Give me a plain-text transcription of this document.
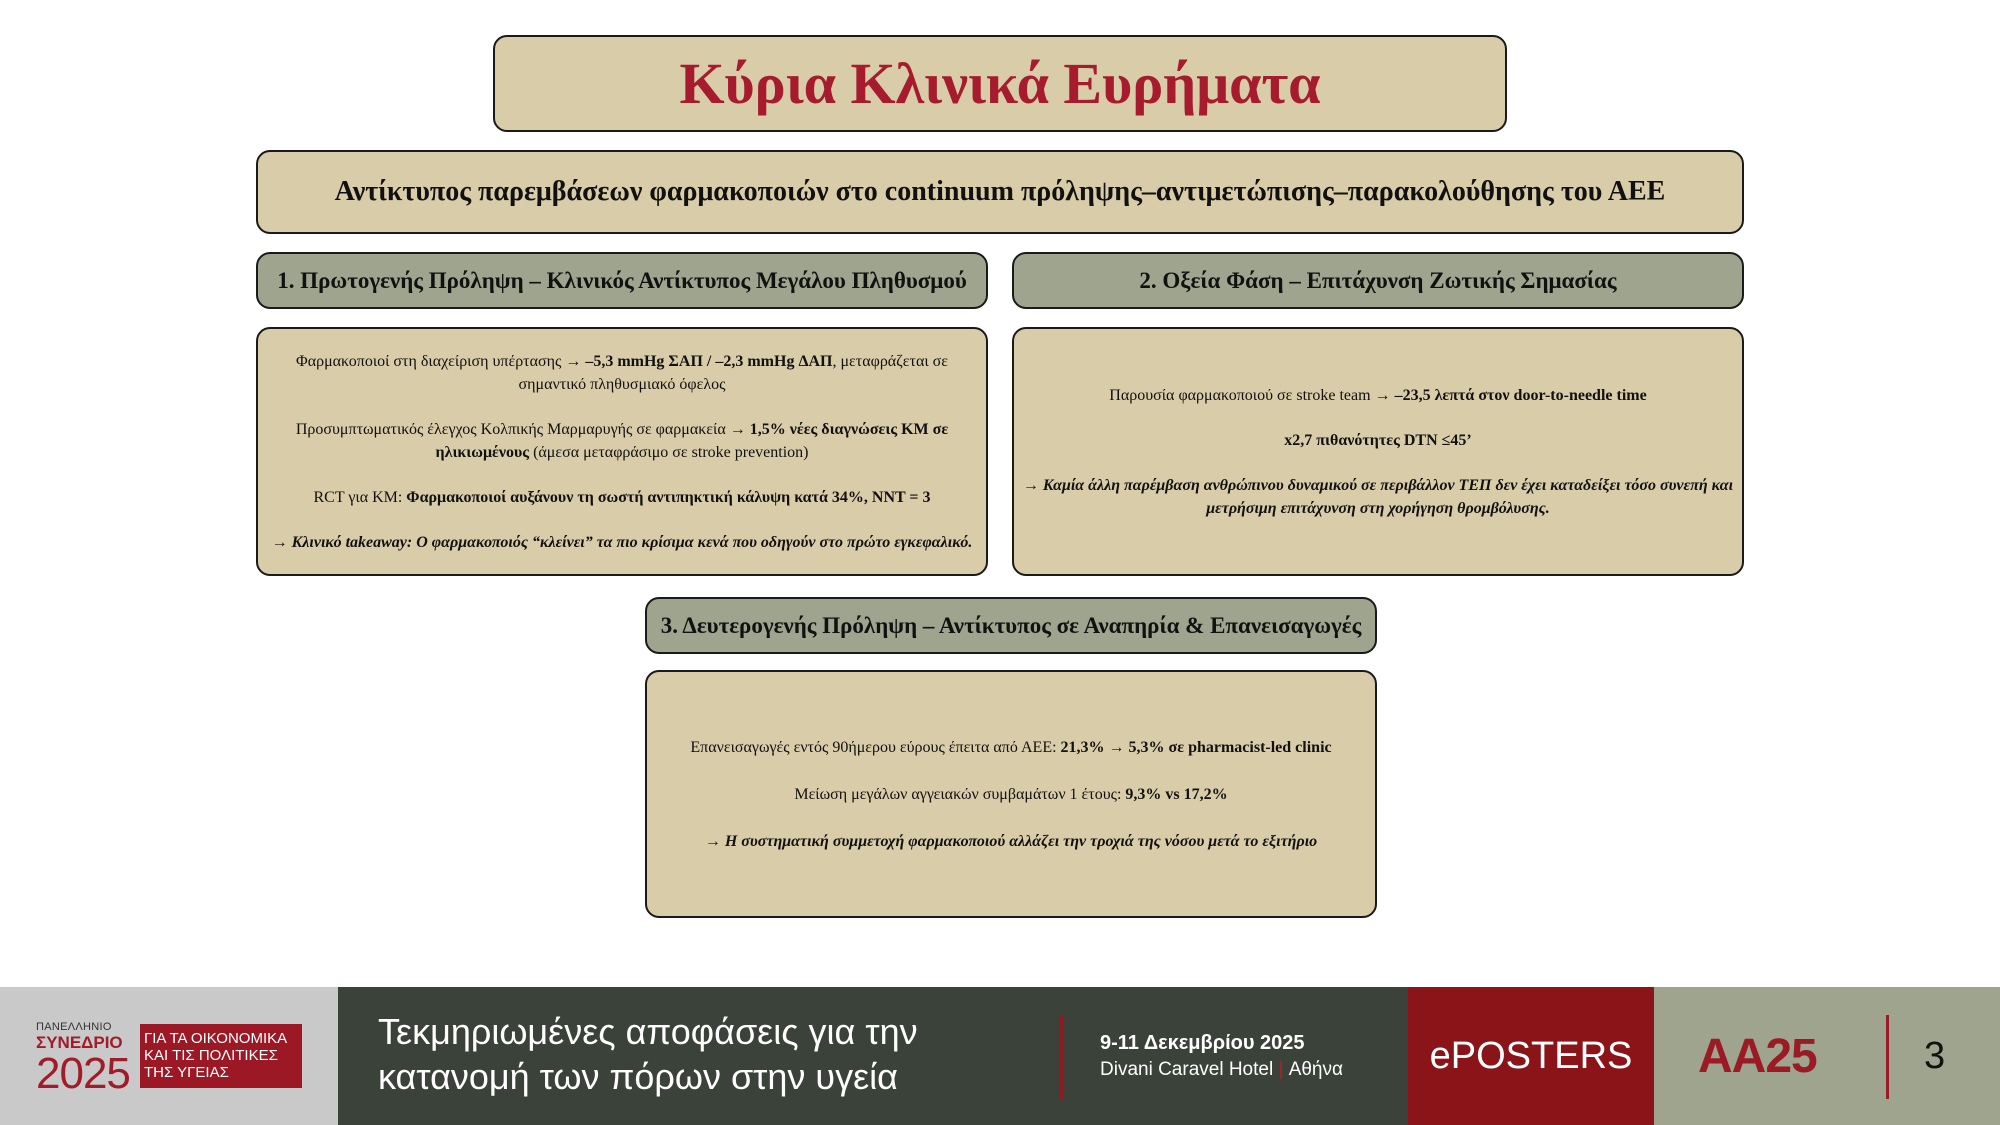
Κύρια Κλινικά Ευρήματα
Αντίκτυπος παρεμβάσεων φαρμακοποιών στο continuum πρόληψης–αντιμετώπισης–παρακολούθησης του ΑΕΕ
1. Πρωτογενής Πρόληψη – Κλινικός Αντίκτυπος Μεγάλου Πληθυσμού

Φαρμακοποιοί στη διαχείριση υπέρτασης → –5,3 mmHg ΣΑΠ / –2,3 mmHg ΔΑΠ, μεταφράζεται σε σημαντικό πληθυσμιακό όφελος

Προσυμπτωματικός έλεγχος Κολπικής Μαρμαρυγής σε φαρμακεία → 1,5% νέες διαγνώσεις ΚΜ σε ηλικιωμένους (άμεσα μεταφράσιμο σε stroke prevention)

RCT για ΚΜ: Φαρμακοποιοί αυξάνουν τη σωστή αντιπηκτική κάλυψη κατά 34%, NNT = 3

→ Κλινικό takeaway: Ο φαρμακοποιός “κλείνει” τα πιο κρίσιμα κενά που οδηγούν στο πρώτο εγκεφαλικό.

2. Οξεία Φάση – Επιτάχυνση Ζωτικής Σημασίας

Παρουσία φαρμακοποιού σε stroke team → –23,5 λεπτά στον door-to-needle time

x2,7 πιθανότητες DTN ≤45’

→ Καμία άλλη παρέμβαση ανθρώπινου δυναμικού σε περιβάλλον ΤΕΠ δεν έχει καταδείξει τόσο συνεπή και μετρήσιμη επιτάχυνση στη χορήγηση θρομβόλυσης.

3. Δευτερογενής Πρόληψη – Αντίκτυπος σε Αναπηρία & Επανεισαγωγές

Επανεισαγωγές εντός 90ήμερου εύρους έπειτα από ΑΕΕ: 21,3% → 5,3% σε pharmacist-led clinic

Μείωση μεγάλων αγγειακών συμβαμάτων 1 έτους: 9,3% vs 17,2%

→ Η συστηματική συμμετοχή φαρμακοποιού αλλάζει την τροχιά της νόσου μετά το εξιτήριο

ΠΑΝΕΛΛΗΝΙΟ
ΣΥΝΕΔΡΙΟ
2025
ΓΙΑ ΤΑ ΟΙΚΟΝΟΜΙΚΑ
ΚΑΙ ΤΙΣ ΠΟΛΙΤΙΚΕΣ
ΤΗΣ ΥΓΕΙΑΣ
Τεκμηριωμένες αποφάσεις για την
κατανομή των πόρων στην υγεία
9-11 Δεκεμβρίου 2025
Divani Caravel Hotel | Αθήνα	ePOSTERS	AA25	3
